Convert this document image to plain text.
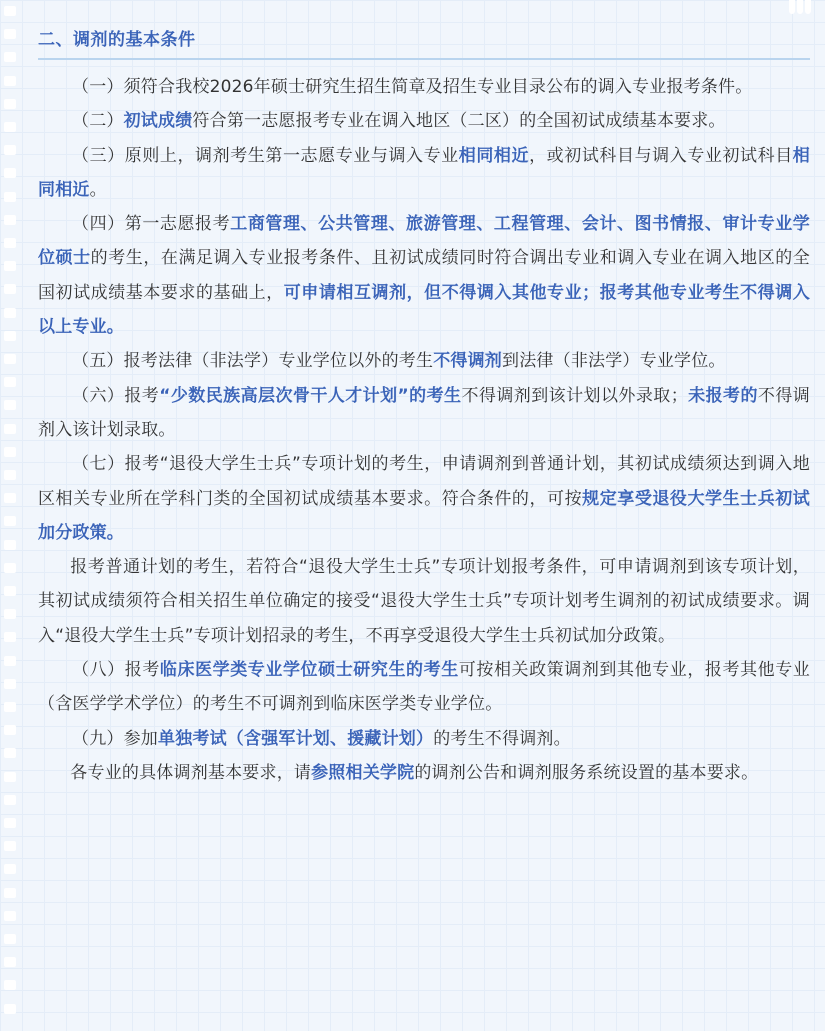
二、调剂的基本条件

（一）须符合我校2026年硕士研究生招生简章及招生专业目录公布的调入专业报考条件。

（二）初试成绩符合第一志愿报考专业在调入地区（二区）的全国初试成绩基本要求。

（三）原则上，调剂考生第一志愿专业与调入专业相同相近，或初试科目与调入专业初试科目相同相近。

（四）第一志愿报考工商管理、公共管理、旅游管理、工程管理、会计、图书情报、审计专业学位硕士的考生，在满足调入专业报考条件、且初试成绩同时符合调出专业和调入专业在调入地区的全国初试成绩基本要求的基础上，可申请相互调剂，但不得调入其他专业；报考其他专业考生不得调入以上专业。

（五）报考法律（非法学）专业学位以外的考生不得调剂到法律（非法学）专业学位。

（六）报考“少数民族高层次骨干人才计划”的考生不得调剂到该计划以外录取；未报考的不得调剂入该计划录取。

（七）报考“退役大学生士兵”专项计划的考生，申请调剂到普通计划，其初试成绩须达到调入地区相关专业所在学科门类的全国初试成绩基本要求。符合条件的，可按规定享受退役大学生士兵初试加分政策。

报考普通计划的考生，若符合“退役大学生士兵”专项计划报考条件，可申请调剂到该专项计划，其初试成绩须符合相关招生单位确定的接受“退役大学生士兵”专项计划考生调剂的初试成绩要求。调入“退役大学生士兵”专项计划招录的考生，不再享受退役大学生士兵初试加分政策。

（八）报考临床医学类专业学位硕士研究生的考生可按相关政策调剂到其他专业，报考其他专业（含医学学术学位）的考生不可调剂到临床医学类专业学位。

（九）参加单独考试（含强军计划、援藏计划）的考生不得调剂。

各专业的具体调剂基本要求，请参照相关学院的调剂公告和调剂服务系统设置的基本要求。
